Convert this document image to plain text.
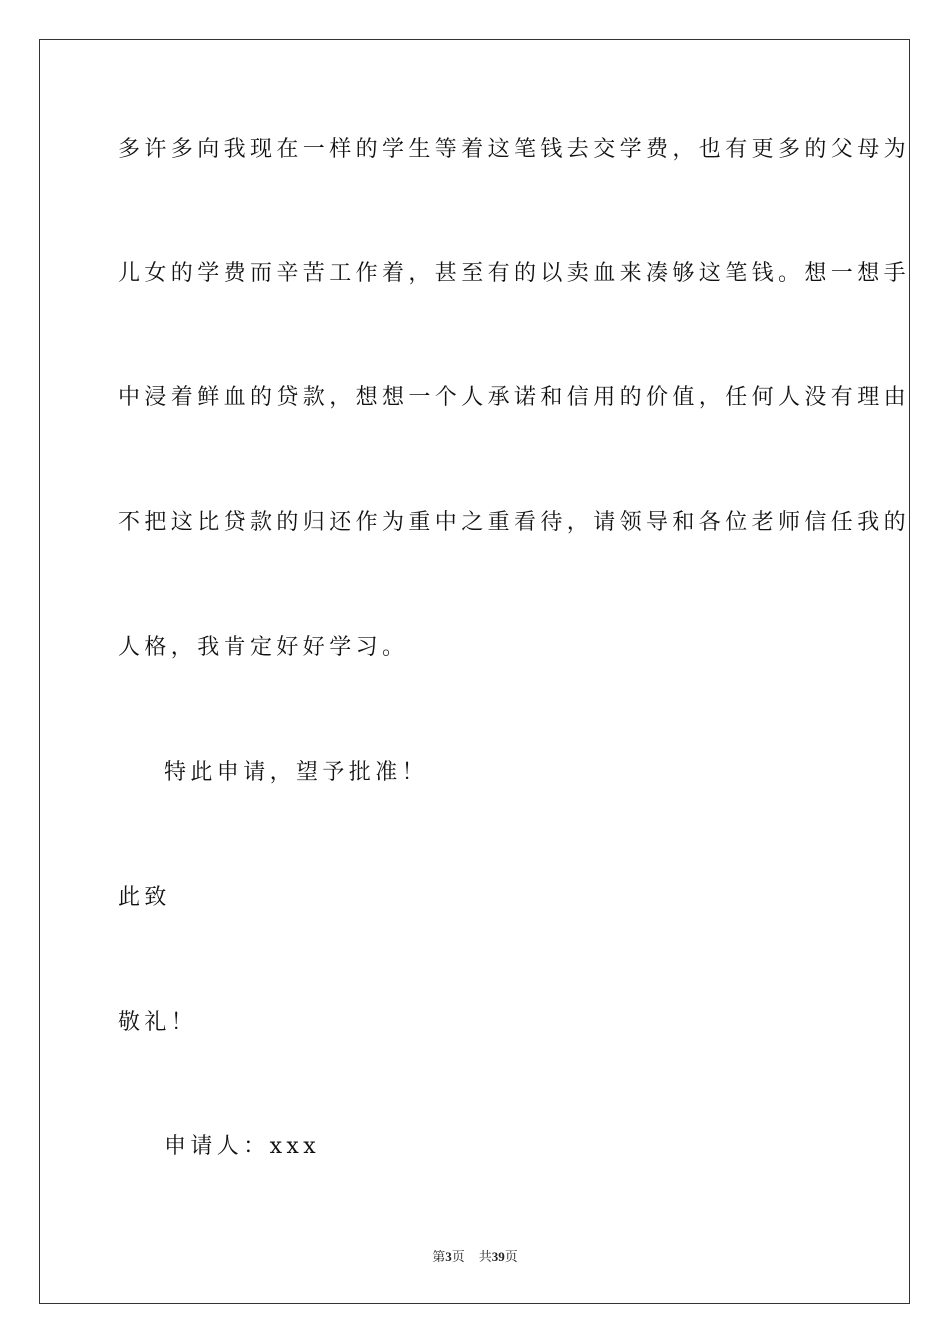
多许多向我现在一样的学生等着这笔钱去交学费，也有更多的父母为
儿女的学费而辛苦工作着，甚至有的以卖血来凑够这笔钱。想一想手
中浸着鲜血的贷款，想想一个人承诺和信用的价值，任何人没有理由
不把这比贷款的归还作为重中之重看待，请领导和各位老师信任我的
人格，我肯定好好学习。
特此申请，望予批准！
此致
敬礼！
申请人：xxx
第3页 共39页
